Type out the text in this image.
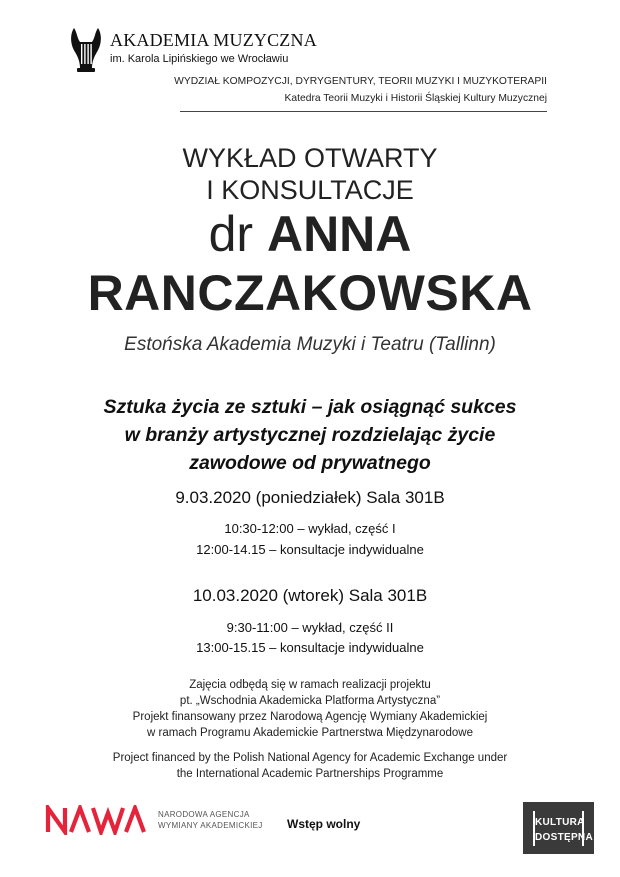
AKADEMIA MUZYCZNA
im. Karola Lipińskiego we Wrocławiu
WYDZIAŁ KOMPOZYCJI, DYRYGENTURY, TEORII MUZYKI I MUZYKOTERAPII
Katedra Teorii Muzyki i Historii Śląskiej Kultury Muzycznej
WYKŁAD OTWARTY
I KONSULTACJE
dr ANNA
RANCZAKOWSKA
Estońska Akademia Muzyki i Teatru (Tallinn)
Sztuka życia ze sztuki – jak osiągnąć sukces
w branży artystycznej rozdzielając życie
zawodowe od prywatnego
9.03.2020 (poniedziałek) Sala 301B
10:30-12:00 – wykład, część I
12:00-14.15 – konsultacje indywidualne
10.03.2020 (wtorek) Sala 301B
9:30-11:00 – wykład, część II
13:00-15.15 – konsultacje indywidualne
Zajęcia odbędą się w ramach realizacji projektu
pt. „Wschodnia Akademicka Platforma Artystyczna”
Projekt finansowany przez Narodową Agencję Wymiany Akademickiej
w ramach Programu Akademickie Partnerstwa Międzynarodowe
Project financed by the Polish National Agency for Academic Exchange under
the International Academic Partnerships Programme
NARODOWA AGENCJA
WYMIANY AKADEMICKIEJ Wstęp wolny	KULTURA
DOSTĘPNA
